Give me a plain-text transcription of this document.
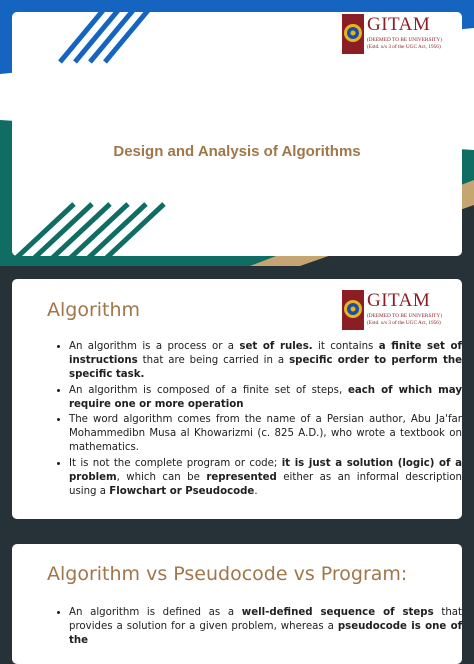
GITAM
(DEEMED TO BE UNIVERSITY)
(Estd. u/s 3 of the UGC Act, 1956)
Design and Analysis of Algorithms
Algorithm	GITAM
(DEEMED TO BE UNIVERSITY)
(Estd. u/s 3 of the UGC Act, 1956)
• An algorithm is a process or a set of rules. it contains a finite set of instructions that are being carried in a specific order to perform the specific task.
• An algorithm is composed of a finite set of steps, each of which may require one or more operation
• The word algorithm comes from the name of a Persian author, Abu Ja'far Mohammedibn Musa al Khowarizmi (c. 825 A.D.), who wrote a textbook on mathematics.
• It is not the complete program or code; it is just a solution (logic) of a problem, which can be represented either as an informal description using a Flowchart or Pseudocode.
Algorithm vs Pseudocode vs Program:
• An algorithm is defined as a well-defined sequence of steps that provides a solution for a given problem, whereas a pseudocode is one of the
